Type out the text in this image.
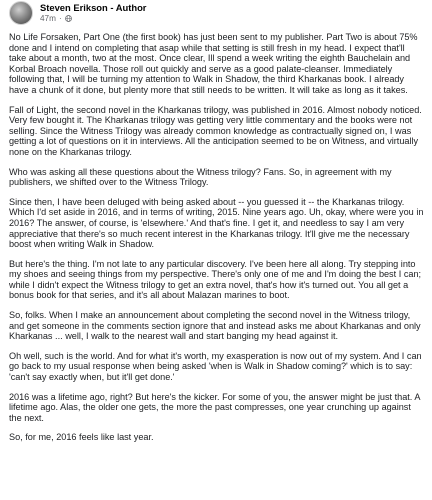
Steven Erikson - Author
47m ·

No Life Forsaken, Part One (the first book) has just been sent to my publisher. Part Two is about 75% done and I intend on completing that asap while that setting is still fresh in my head. I expect that'll take about a month, two at the most. Once clear, Ill spend a week writing the eighth Bauchelain and Korbal Broach novella. Those roll out quickly and serve as a good palate-cleanser. Immediately following that, I will be turning my attention to Walk in Shadow, the third Kharkanas book. I already have a chunk of it done, but plenty more that still needs to be written. It will take as long as it takes.

Fall of Light, the second novel in the Kharkanas trilogy, was published in 2016. Almost nobody noticed. Very few bought it. The Kharkanas trilogy was getting very little commentary and the books were not selling. Since the Witness Trilogy was already common knowledge as contractually signed on, I was getting a lot of questions on it in interviews. All the anticipation seemed to be on Witness, and virtually none on the Kharkanas trilogy.

Who was asking all these questions about the Witness trilogy? Fans. So, in agreement with my publishers, we shifted over to the Witness Trilogy.

Since then, I have been deluged with being asked about -- you guessed it -- the Kharkanas trilogy. Which I'd set aside in 2016, and in terms of writing, 2015. Nine years ago. Uh, okay, where were you in 2016? The answer, of course, is 'elsewhere.' And that's fine. I get it, and needless to say I am very appreciative that there's so much recent interest in the Kharkanas trilogy. It'll give me the necessary boost when writing Walk in Shadow.

But here's the thing. I'm not late to any particular discovery. I've been here all along. Try stepping into my shoes and seeing things from my perspective. There's only one of me and I'm doing the best I can; while I didn't expect the Witness trilogy to get an extra novel, that's how it's turned out. You all get a bonus book for that series, and it's all about Malazan marines to boot.

So, folks. When I make an announcement about completing the second novel in the Witness trilogy, and get someone in the comments section ignore that and instead asks me about Kharkanas and only Kharkanas ... well, I walk to the nearest wall and start banging my head against it.

Oh well, such is the world. And for what it's worth, my exasperation is now out of my system. And I can go back to my usual response when being asked 'when is Walk in Shadow coming?' which is to say: 'can't say exactly when, but it'll get done.'

2016 was a lifetime ago, right? But here's the kicker. For some of you, the answer might be just that. A lifetime ago. Alas, the older one gets, the more the past compresses, one year crunching up against the next.

So, for me, 2016 feels like last year.
